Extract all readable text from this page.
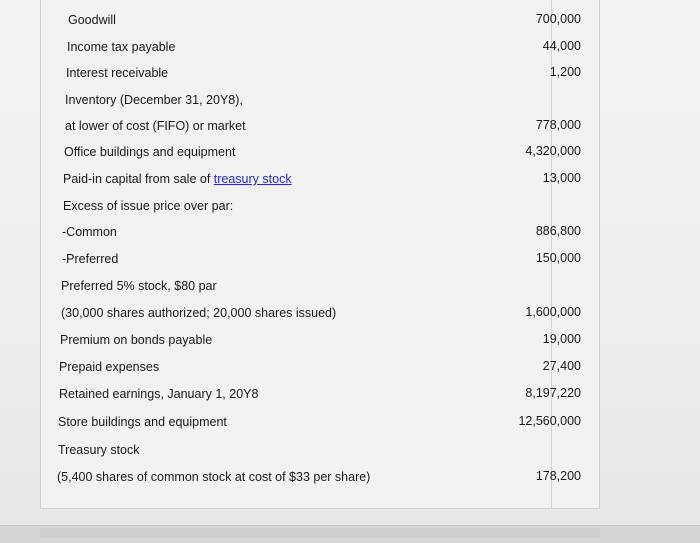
Goodwill	700,000
Income tax payable	44,000
Interest receivable	1,200
Inventory (December 31, 20Y8),
at lower of cost (FIFO) or market	778,000
Office buildings and equipment	4,320,000
Paid-in capital from sale of treasury stock	13,000
Excess of issue price over par:
-Common	886,800
-Preferred	150,000
Preferred 5% stock, $80 par
(30,000 shares authorized; 20,000 shares issued)	1,600,000
Premium on bonds payable	19,000
Prepaid expenses	27,400
Retained earnings, January 1, 20Y8	8,197,220
Store buildings and equipment	12,560,000
Treasury stock
(5,400 shares of common stock at cost of $33 per share)	178,200
